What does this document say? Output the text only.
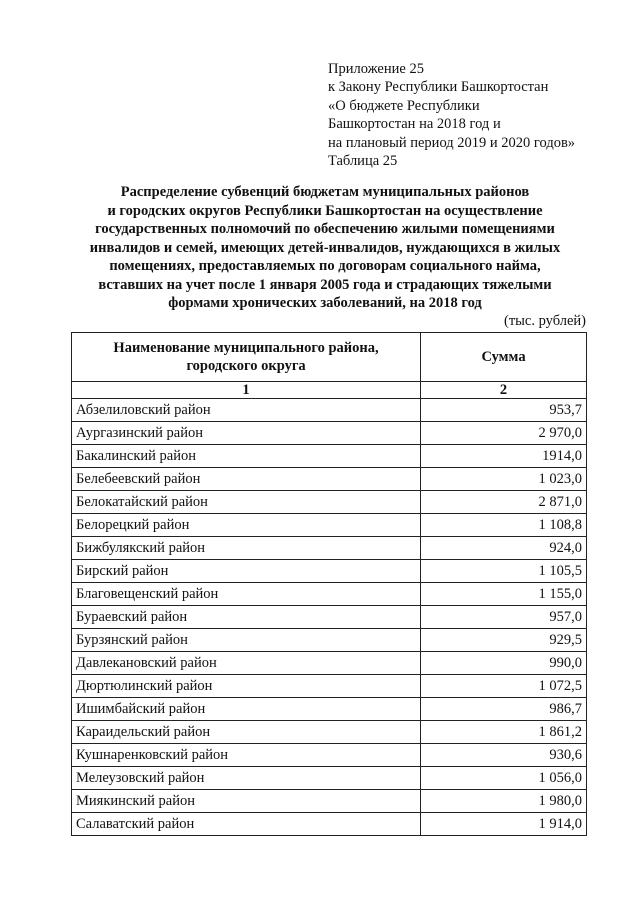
Приложение 25
к Закону Республики Башкортостан
«О бюджете Республики
Башкортостан на 2018 год и
на плановый период 2019 и 2020 годов»
Таблица 25
Распределение субвенций бюджетам муниципальных районов
и городских округов Республики Башкортостан на осуществление
государственных полномочий по обеспечению жилыми помещениями
инвалидов и семей, имеющих детей-инвалидов, нуждающихся в жилых
помещениях, предоставляемых по договорам социального найма,
вставших на учет после 1 января 2005 года и страдающих тяжелыми
формами хронических заболеваний, на 2018 год
(тыс. рублей)
Наименование муниципального района,
городского округа	Сумма
1	2
Абзелиловский район	953,7
Аургазинский район	2 970,0
Бакалинский район	1914,0
Белебеевский район	1 023,0
Белокатайский район	2 871,0
Белорецкий район	1 108,8
Бижбулякский район	924,0
Бирский район	1 105,5
Благовещенский район	1 155,0
Бураевский район	957,0
Бурзянский район	929,5
Давлекановский район	990,0
Дюртюлинский район	1 072,5
Ишимбайский район	986,7
Караидельский район	1 861,2
Кушнаренковский район	930,6
Мелеузовский район	1 056,0
Миякинский район	1 980,0
Салаватский район	1 914,0
